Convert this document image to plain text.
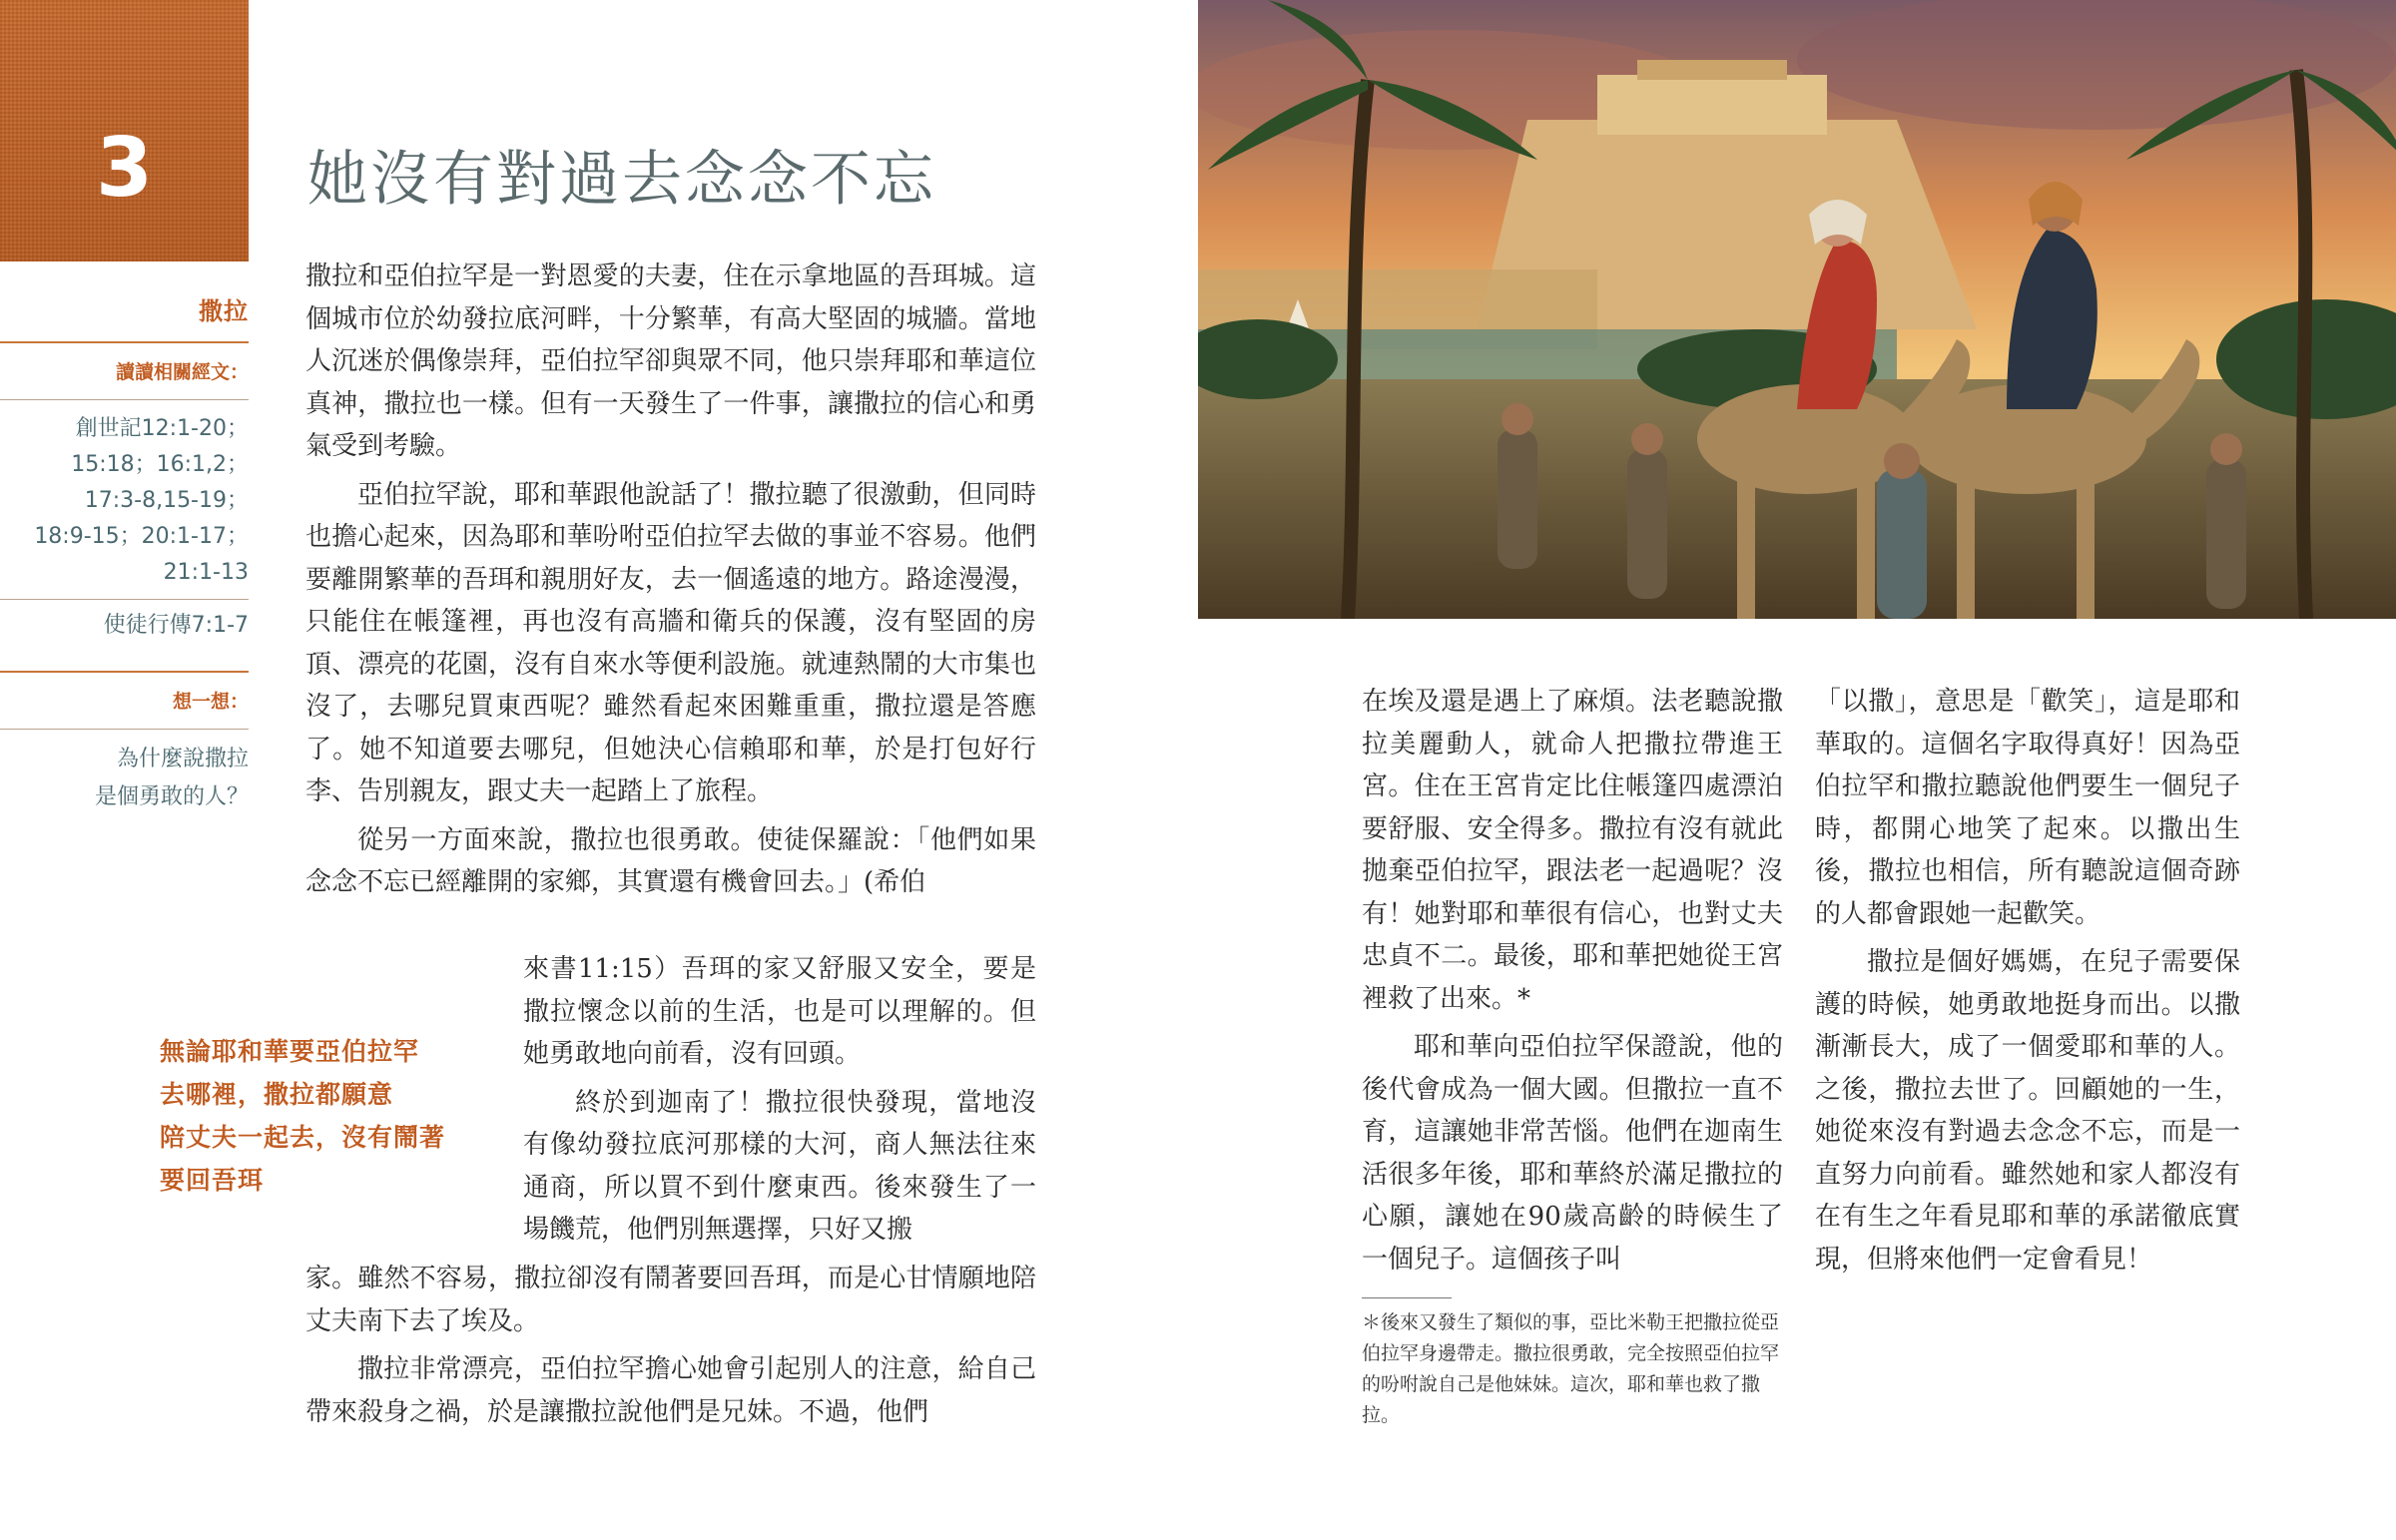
3	她沒有對過去念念不忘
撒拉
讀讀相關經文：
創世記12:1-20；
15:18；16:1,2；
17:3-8,15-19；
18:9-15；20:1-17；
21:1-13
使徒行傳7:1-7
想一想：
為什麼說撒拉
是個勇敢的人？

撒拉和亞伯拉罕是一對恩愛的夫妻，住在示拿地區的吾珥城。這個城市位於幼發拉底河畔，十分繁華，有高大堅固的城牆。當地人沉迷於偶像崇拜，亞伯拉罕卻與眾不同，他只崇拜耶和華這位真神，撒拉也一樣。但有一天發生了一件事，讓撒拉的信心和勇氣受到考驗。

亞伯拉罕說，耶和華跟他說話了！撒拉聽了很激動，但同時也擔心起來，因為耶和華吩咐亞伯拉罕去做的事並不容易。他們要離開繁華的吾珥和親朋好友，去一個遙遠的地方。路途漫漫，只能住在帳篷裡，再也沒有高牆和衛兵的保護，沒有堅固的房頂、漂亮的花園，沒有自來水等便利設施。就連熱鬧的大市集也沒了，去哪兒買東西呢？雖然看起來困難重重，撒拉還是答應了。她不知道要去哪兒，但她決心信賴耶和華，於是打包好行李、告別親友，跟丈夫一起踏上了旅程。

從另一方面來說，撒拉也很勇敢。使徒保羅說：「他們如果念念不忘已經離開的家鄉，其實還有機會回去。」(希伯

來書11:15）吾珥的家又舒服又安全，要是撒拉懷念以前的生活，也是可以理解的。但她勇敢地向前看，沒有回頭。

終於到迦南了！撒拉很快發現，當地沒有像幼發拉底河那樣的大河，商人無法往來通商，所以買不到什麼東西。後來發生了一場饑荒，他們別無選擇，只好又搬

家。雖然不容易，撒拉卻沒有鬧著要回吾珥，而是心甘情願地陪丈夫南下去了埃及。

撒拉非常漂亮，亞伯拉罕擔心她會引起別人的注意，給自己帶來殺身之禍，於是讓撒拉說他們是兄妹。不過，他們

無論耶和華要亞伯拉罕
去哪裡，撒拉都願意
陪丈夫一起去，沒有鬧著
要回吾珥

在埃及還是遇上了麻煩。法老聽說撒拉美麗動人，就命人把撒拉帶進王宮。住在王宮肯定比住帳篷四處漂泊要舒服、安全得多。撒拉有沒有就此拋棄亞伯拉罕，跟法老一起過呢？沒有！她對耶和華很有信心，也對丈夫忠貞不二。最後，耶和華把她從王宮裡救了出來。*

耶和華向亞伯拉罕保證說，他的後代會成為一個大國。但撒拉一直不育，這讓她非常苦惱。他們在迦南生活很多年後，耶和華終於滿足撒拉的心願，讓她在90歲高齡的時候生了一個兒子。這個孩子叫

＊後來又發生了類似的事，亞比米勒王把撒拉從亞伯拉罕身邊帶走。撒拉很勇敢，完全按照亞伯拉罕的吩咐說自己是他妹妹。這次，耶和華也救了撒拉。

「以撒」，意思是「歡笑」，這是耶和華取的。這個名字取得真好！因為亞伯拉罕和撒拉聽說他們要生一個兒子時，都開心地笑了起來。以撒出生後，撒拉也相信，所有聽說這個奇跡的人都會跟她一起歡笑。

撒拉是個好媽媽，在兒子需要保護的時候，她勇敢地挺身而出。以撒漸漸長大，成了一個愛耶和華的人。之後，撒拉去世了。回顧她的一生，她從來沒有對過去念念不忘，而是一直努力向前看。雖然她和家人都沒有在有生之年看見耶和華的承諾徹底實現，但將來他們一定會看見！
